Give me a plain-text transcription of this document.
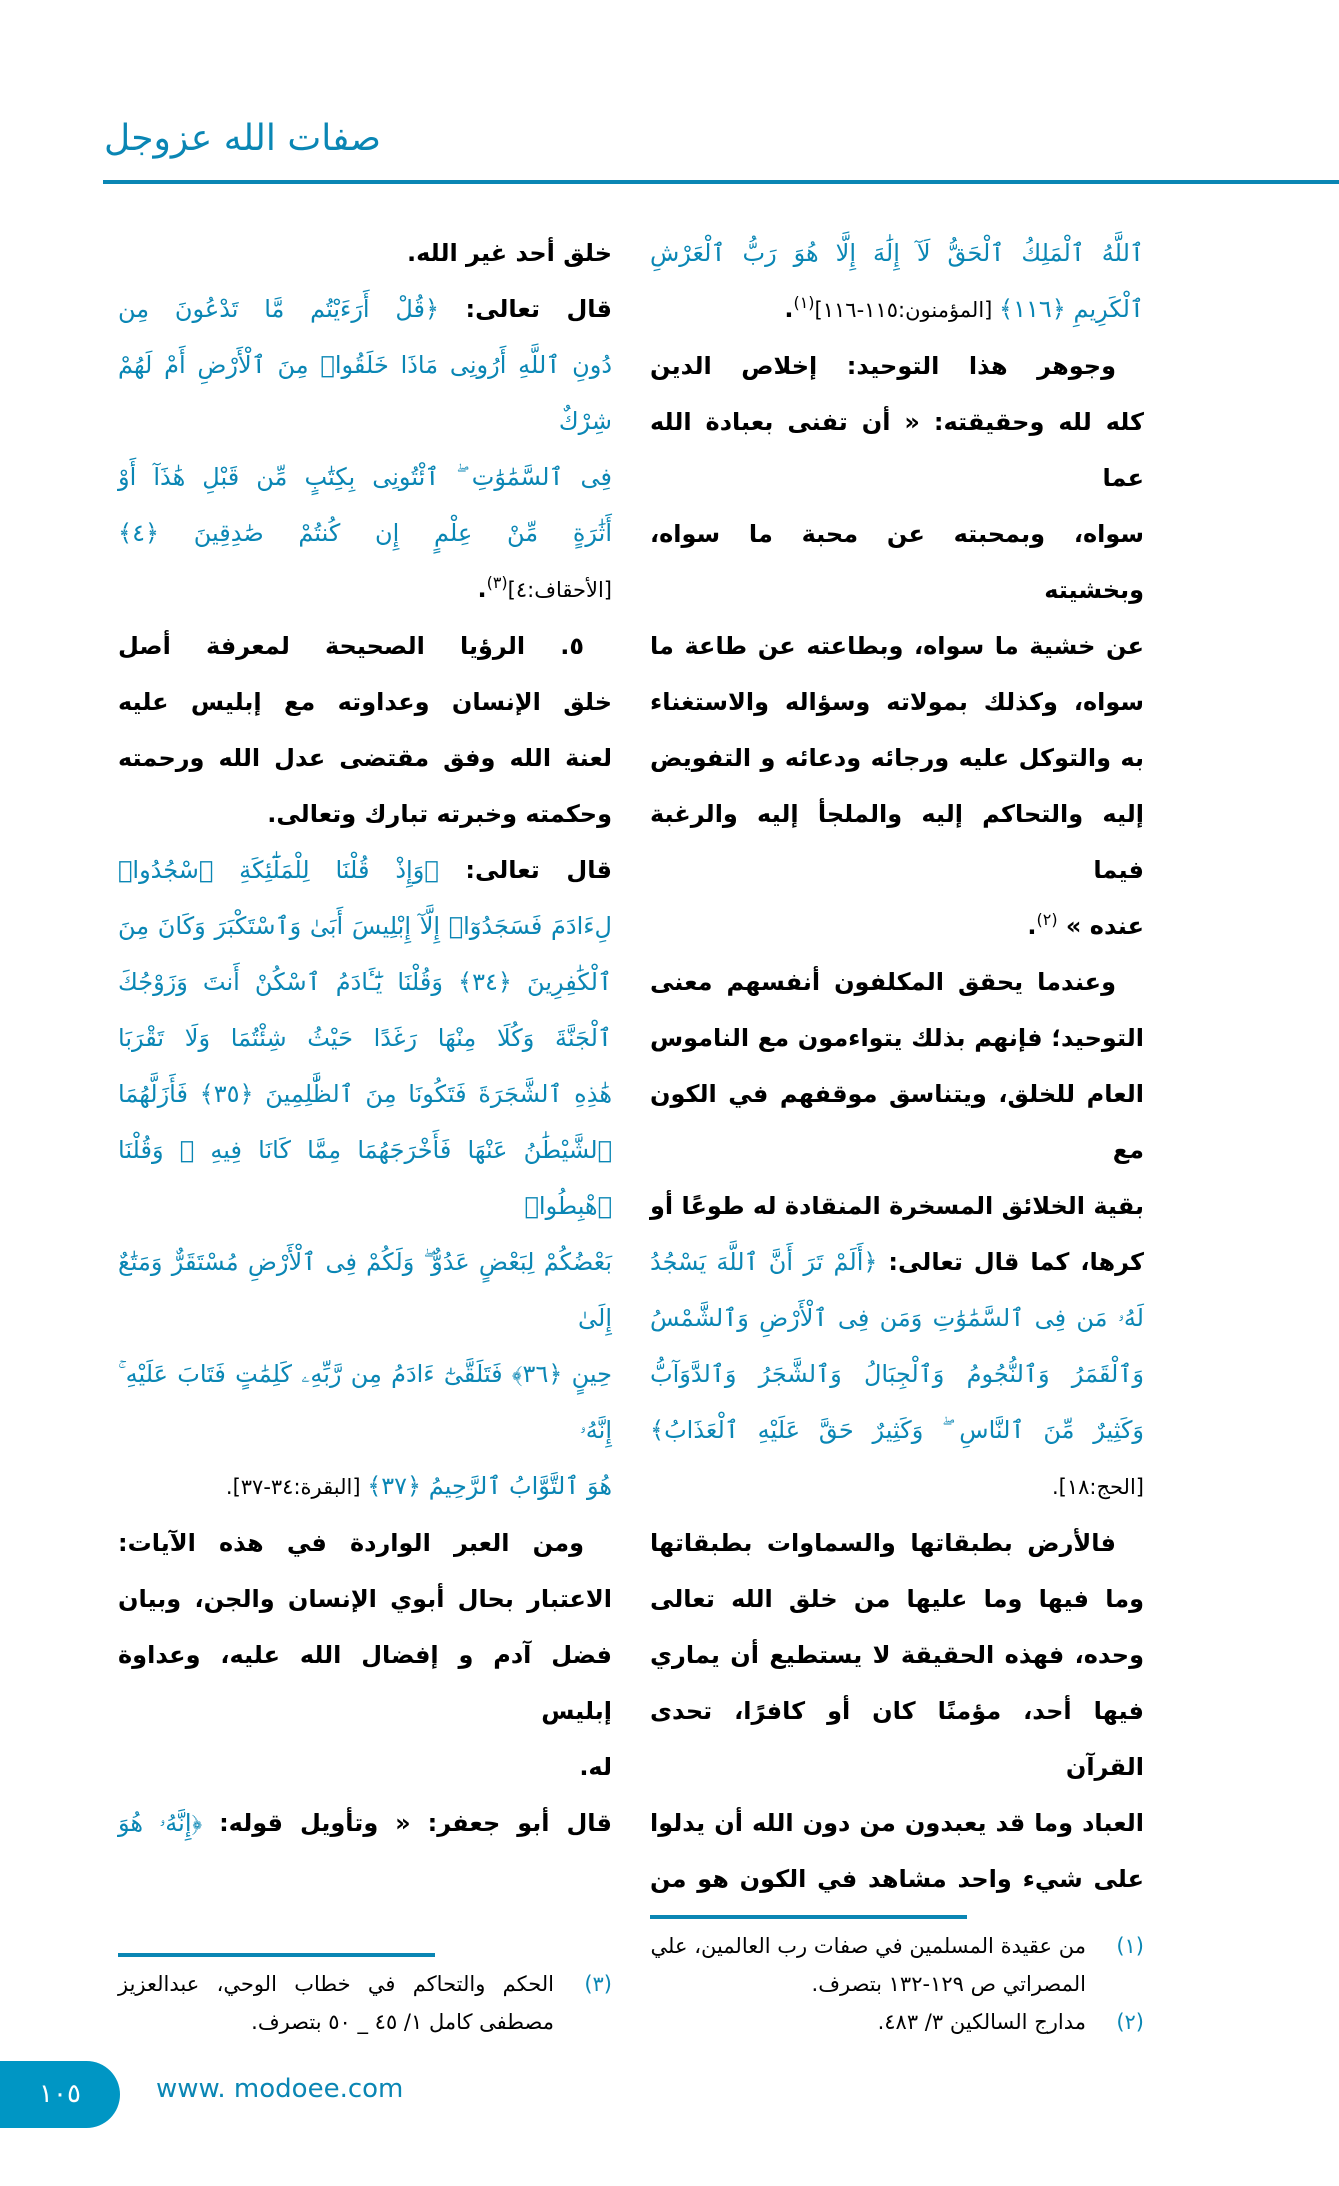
صفات الله عزوجل
خلق أحد غير الله.
قال تعالى: ﴿قُلْ أَرَءَيْتُم مَّا تَدْعُونَ مِن
دُونِ ٱللَّهِ أَرُونِى مَاذَا خَلَقُوا۟ مِنَ ٱلْأَرْضِ أَمْ لَهُمْ شِرْكٌ
فِى ٱلسَّمَٰوَٰتِ ۖ ٱئْتُونِى بِكِتَٰبٍ مِّن قَبْلِ هَٰذَآ أَوْ
أَثَٰرَةٍ مِّنْ عِلْمٍ إِن كُنتُمْ صَٰدِقِينَ ﴿٤﴾
[الأحقاف:٤]$^{(٣)}$.
٥. الرؤيا الصحيحة لمعرفة أصل
خلق الإنسان وعداوته مع إبليس عليه
لعنة الله وفق مقتضى عدل الله ورحمته
وحكمته وخبرته تبارك وتعالى.
قال تعالى: ﴿وَإِذْ قُلْنَا لِلْمَلَٰٓئِكَةِ ٱسْجُدُوا۟
لِءَادَمَ فَسَجَدُوٓا۟ إِلَّآ إِبْلِيسَ أَبَىٰ وَٱسْتَكْبَرَ وَكَانَ مِنَ
ٱلْكَٰفِرِينَ ﴿٣٤﴾ وَقُلْنَا يَٰٓـَٔادَمُ ٱسْكُنْ أَنتَ وَزَوْجُكَ
ٱلْجَنَّةَ وَكُلَا مِنْهَا رَغَدًا حَيْثُ شِئْتُمَا وَلَا تَقْرَبَا
هَٰذِهِ ٱلشَّجَرَةَ فَتَكُونَا مِنَ ٱلظَّٰلِمِينَ ﴿٣٥﴾ فَأَزَلَّهُمَا
ٱلشَّيْطَٰنُ عَنْهَا فَأَخْرَجَهُمَا مِمَّا كَانَا فِيهِ ۖ وَقُلْنَا ٱهْبِطُوا۟
بَعْضُكُمْ لِبَعْضٍ عَدُوٌّ ۖ وَلَكُمْ فِى ٱلْأَرْضِ مُسْتَقَرٌّ وَمَتَٰعٌ إِلَىٰ
حِينٍ ﴿٣٦﴾ فَتَلَقَّىٰٓ ءَادَمُ مِن رَّبِّهِۦ كَلِمَٰتٍ فَتَابَ عَلَيْهِ ۚ إِنَّهُۥ
هُوَ ٱلتَّوَّابُ ٱلرَّحِيمُ ﴿٣٧﴾ [البقرة:٣٤-٣٧].
ومن العبر الواردة في هذه الآيات:
الاعتبار بحال أبوي الإنسان والجن، وبيان
فضل آدم و إفضال الله عليه، وعداوة إبليس
له.
قال أبو جعفر: « وتأويل قوله: ﴿إِنَّهُۥ هُوَ
(٣)
الحكم والتحاكم في خطاب الوحي، عبدالعزيز مصطفى كامل ١/ ٤٥ _ ٥٠ بتصرف.
ٱللَّهُ ٱلْمَلِكُ ٱلْحَقُّ لَآ إِلَٰهَ إِلَّا هُوَ رَبُّ ٱلْعَرْشِ
ٱلْكَرِيمِ ﴿١١٦﴾ [المؤمنون:١١٥-١١٦]$^{(١)}$.
وجوهر هذا التوحيد: إخلاص الدين
كله لله وحقيقته: « أن تفنى بعبادة الله عما
سواه، وبمحبته عن محبة ما سواه، وبخشيته
عن خشية ما سواه، وبطاعته عن طاعة ما
سواه، وكذلك بمولاته وسؤاله والاستغناء
به والتوكل عليه ورجائه ودعائه و التفويض
إليه والتحاكم إليه والملجأ إليه والرغبة فيما
عنده » $^{(٢)}$.
وعندما يحقق المكلفون أنفسهم معنى
التوحيد؛ فإنهم بذلك يتواءمون مع الناموس
العام للخلق، ويتناسق موقفهم في الكون مع
بقية الخلائق المسخرة المنقادة له طوعًا أو
كرها، كما قال تعالى: ﴿أَلَمْ تَرَ أَنَّ ٱللَّهَ يَسْجُدُ
لَهُۥ مَن فِى ٱلسَّمَٰوَٰتِ وَمَن فِى ٱلْأَرْضِ وَٱلشَّمْسُ
وَٱلْقَمَرُ وَٱلنُّجُومُ وَٱلْجِبَالُ وَٱلشَّجَرُ وَٱلدَّوَآبُّ
وَكَثِيرٌ مِّنَ ٱلنَّاسِ ۖ وَكَثِيرٌ حَقَّ عَلَيْهِ ٱلْعَذَابُ﴾
[الحج:١٨].
فالأرض بطبقاتها والسماوات بطبقاتها
وما فيها وما عليها من خلق الله تعالى
وحده، فهذه الحقيقة لا يستطيع أن يماري
فيها أحد، مؤمنًا كان أو كافرًا، تحدى القرآن
العباد وما قد يعبدون من دون الله أن يدلوا
على شيء واحد مشاهد في الكون هو من
(١)
من عقيدة المسلمين في صفات رب العالمين، علي المصراتي ص ١٢٩-١٣٢ بتصرف.
(٢)
مدارج السالكين ٣/ ٤٨٣.
١٠٥	www. modoee.com
